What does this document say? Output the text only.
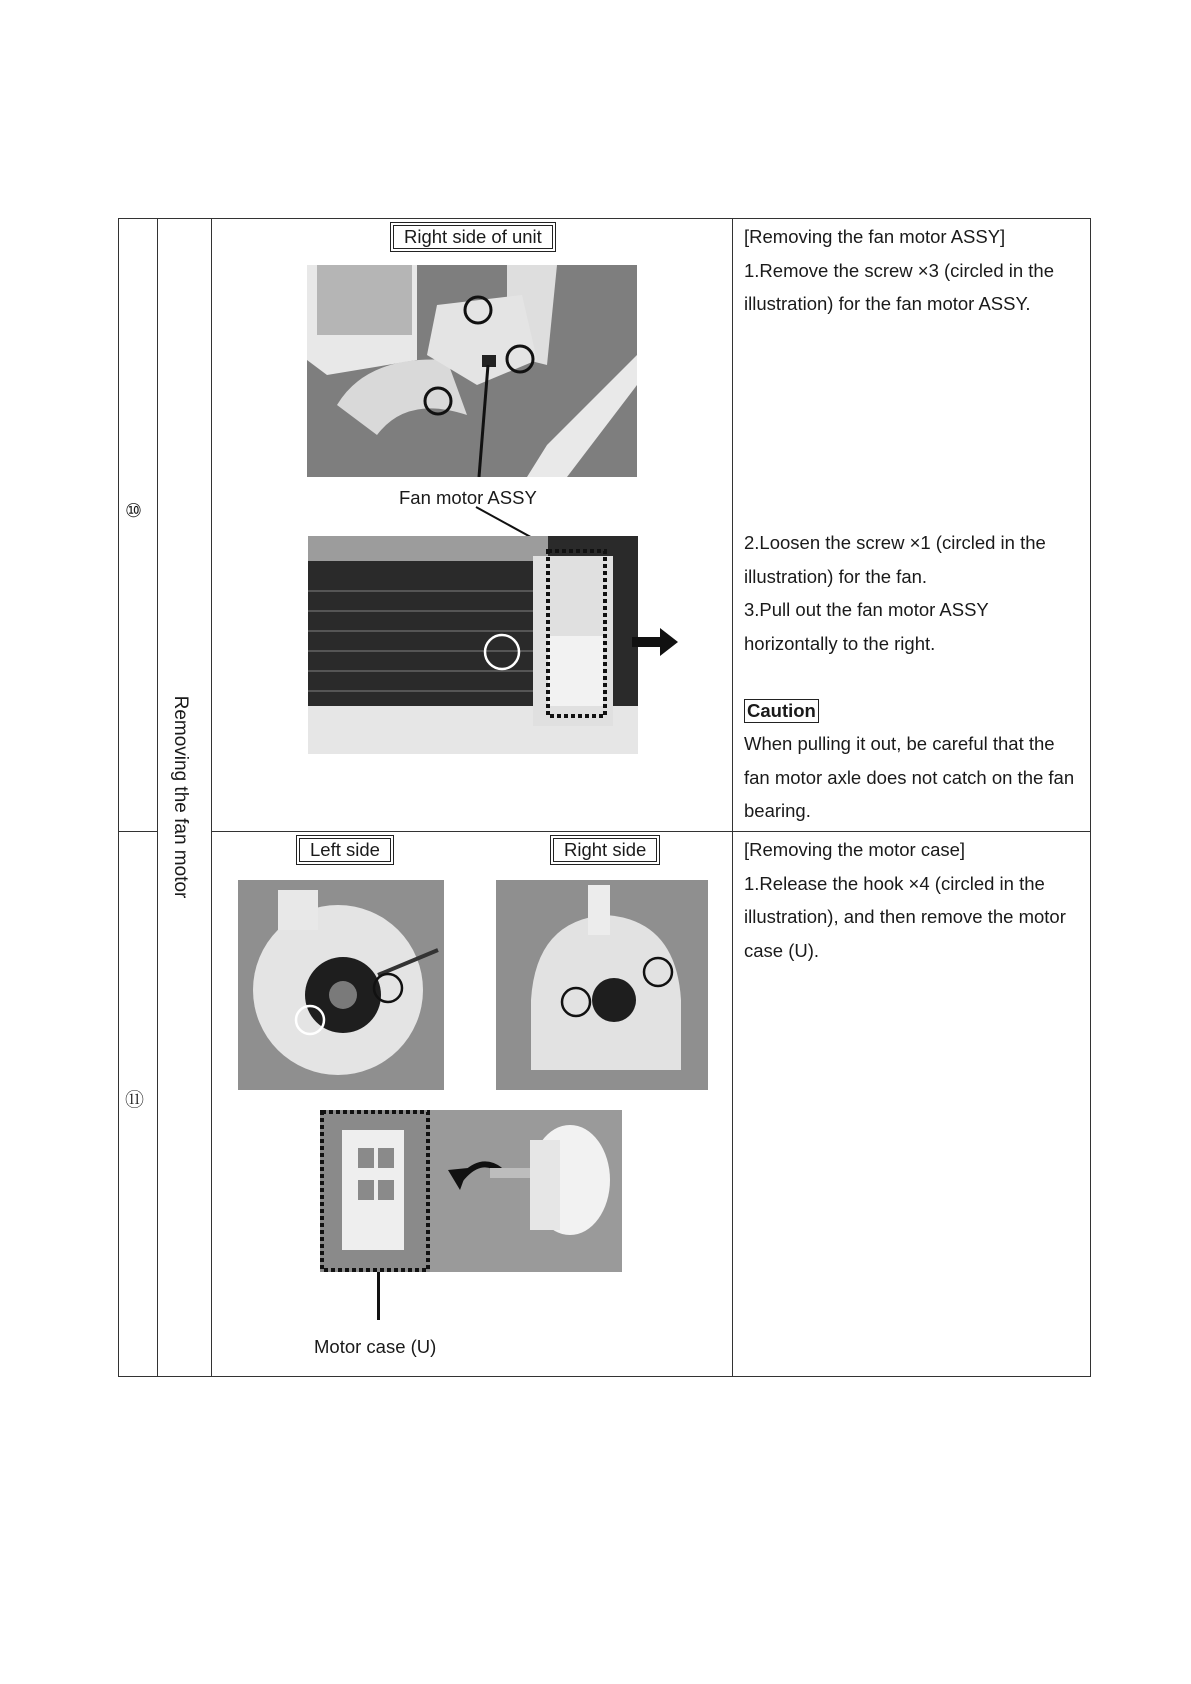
⑩
⑪
Removing the fan motor
Right side of unit
Fan motor ASSY

[Removing the fan motor ASSY]

1.Remove the screw ×3 (circled in the illustration) for the fan motor ASSY.

2.Loosen the screw ×1 (circled in the illustration) for the fan.

3.Pull out the fan motor ASSY horizontally to the right.

Caution

When pulling it out, be careful that the fan motor axle does not catch on the fan bearing.

Left side	Right side
Motor case (U)

[Removing the motor case]

1.Release the hook ×4 (circled in the illustration), and then remove the motor case (U).
